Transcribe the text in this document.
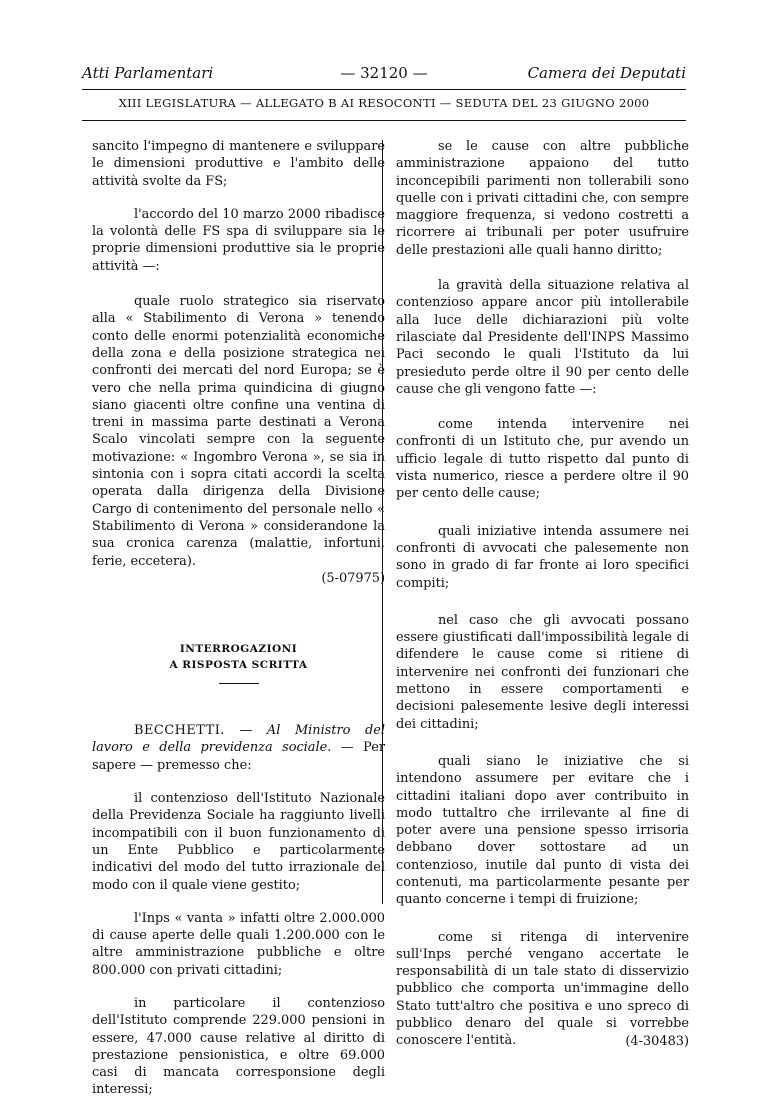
Atti Parlamentari	— 32120 —	Camera dei Deputati
XIII LEGISLATURA — ALLEGATO B AI RESOCONTI — SEDUTA DEL 23 GIUGNO 2000

sancito l'impegno di mantenere e sviluppare le dimensioni produttive e l'ambito delle attività svolte da FS;

l'accordo del 10 marzo 2000 ribadisce la volontà delle FS spa di sviluppare sia le proprie dimensioni produttive sia le proprie attività —:

quale ruolo strategico sia riservato alla « Stabilimento di Verona » tenendo conto delle enormi potenzialità economiche della zona e della posizione strategica nei confronti dei mercati del nord Europa; se è vero che nella prima quindicina di giugno siano giacenti oltre confine una ventina di treni in massima parte destinati a Verona Scalo vincolati sempre con la seguente motivazione: « Ingombro Verona », se sia in sintonia con i sopra citati accordi la scelta operata dalla dirigenza della Divisione Cargo di contenimento del personale nello « Stabilimento di Verona » considerandone la sua cronica carenza (malattie, infortuni, ferie, eccetera).

(5-07975)
INTERROGAZIONI
A RISPOSTA SCRITTA

BECCHETTI. — Al Ministro del lavoro e della previdenza sociale. — Per sapere — premesso che:

il contenzioso dell'Istituto Nazionale della Previdenza Sociale ha raggiunto livelli incompatibili con il buon funzionamento di un Ente Pubblico e particolarmente indicativi del modo del tutto irrazionale del modo con il quale viene gestito;

l'Inps « vanta » infatti oltre 2.000.000 di cause aperte delle quali 1.200.000 con le altre amministrazione pubbliche e oltre 800.000 con privati cittadini;

in particolare il contenzioso dell'Istituto comprende 229.000 pensioni in essere, 47.000 cause relative al diritto di prestazione pensionistica, e oltre 69.000 casi di mancata corresponsione degli interessi;

se le cause con altre pubbliche amministrazione appaiono del tutto inconcepibili parimenti non tollerabili sono quelle con i privati cittadini che, con sempre maggiore frequenza, si vedono costretti a ricorrere ai tribunali per poter usufruire delle prestazioni alle quali hanno diritto;

la gravità della situazione relativa al contenzioso appare ancor più intollerabile alla luce delle dichiarazioni più volte rilasciate dal Presidente dell'INPS Massimo Paci secondo le quali l'Istituto da lui presieduto perde oltre il 90 per cento delle cause che gli vengono fatte —:

come intenda intervenire nei confronti di un Istituto che, pur avendo un ufficio legale di tutto rispetto dal punto di vista numerico, riesce a perdere oltre il 90 per cento delle cause;

quali iniziative intenda assumere nei confronti di avvocati che palesemente non sono in grado di far fronte ai loro specifici compiti;

nel caso che gli avvocati possano essere giustificati dall'impossibilità legale di difendere le cause come si ritiene di intervenire nei confronti dei funzionari che mettono in essere comportamenti e decisioni palesemente lesive degli interessi dei cittadini;

quali siano le iniziative che si intendono assumere per evitare che i cittadini italiani dopo aver contribuito in modo tuttaltro che irrilevante al fine di poter avere una pensione spesso irrisoria debbano dover sottostare ad un contenzioso, inutile dal punto di vista dei contenuti, ma particolarmente pesante per quanto concerne i tempi di fruizione;

come si ritenga di intervenire sull'Inps perché vengano accertate le responsabilità di un tale stato di disservizio pubblico che comporta un'immagine dello Stato tutt'altro che positiva e uno spreco di pubblico denaro del quale si vorrebbe conoscere l'entità.	(4-30483)
